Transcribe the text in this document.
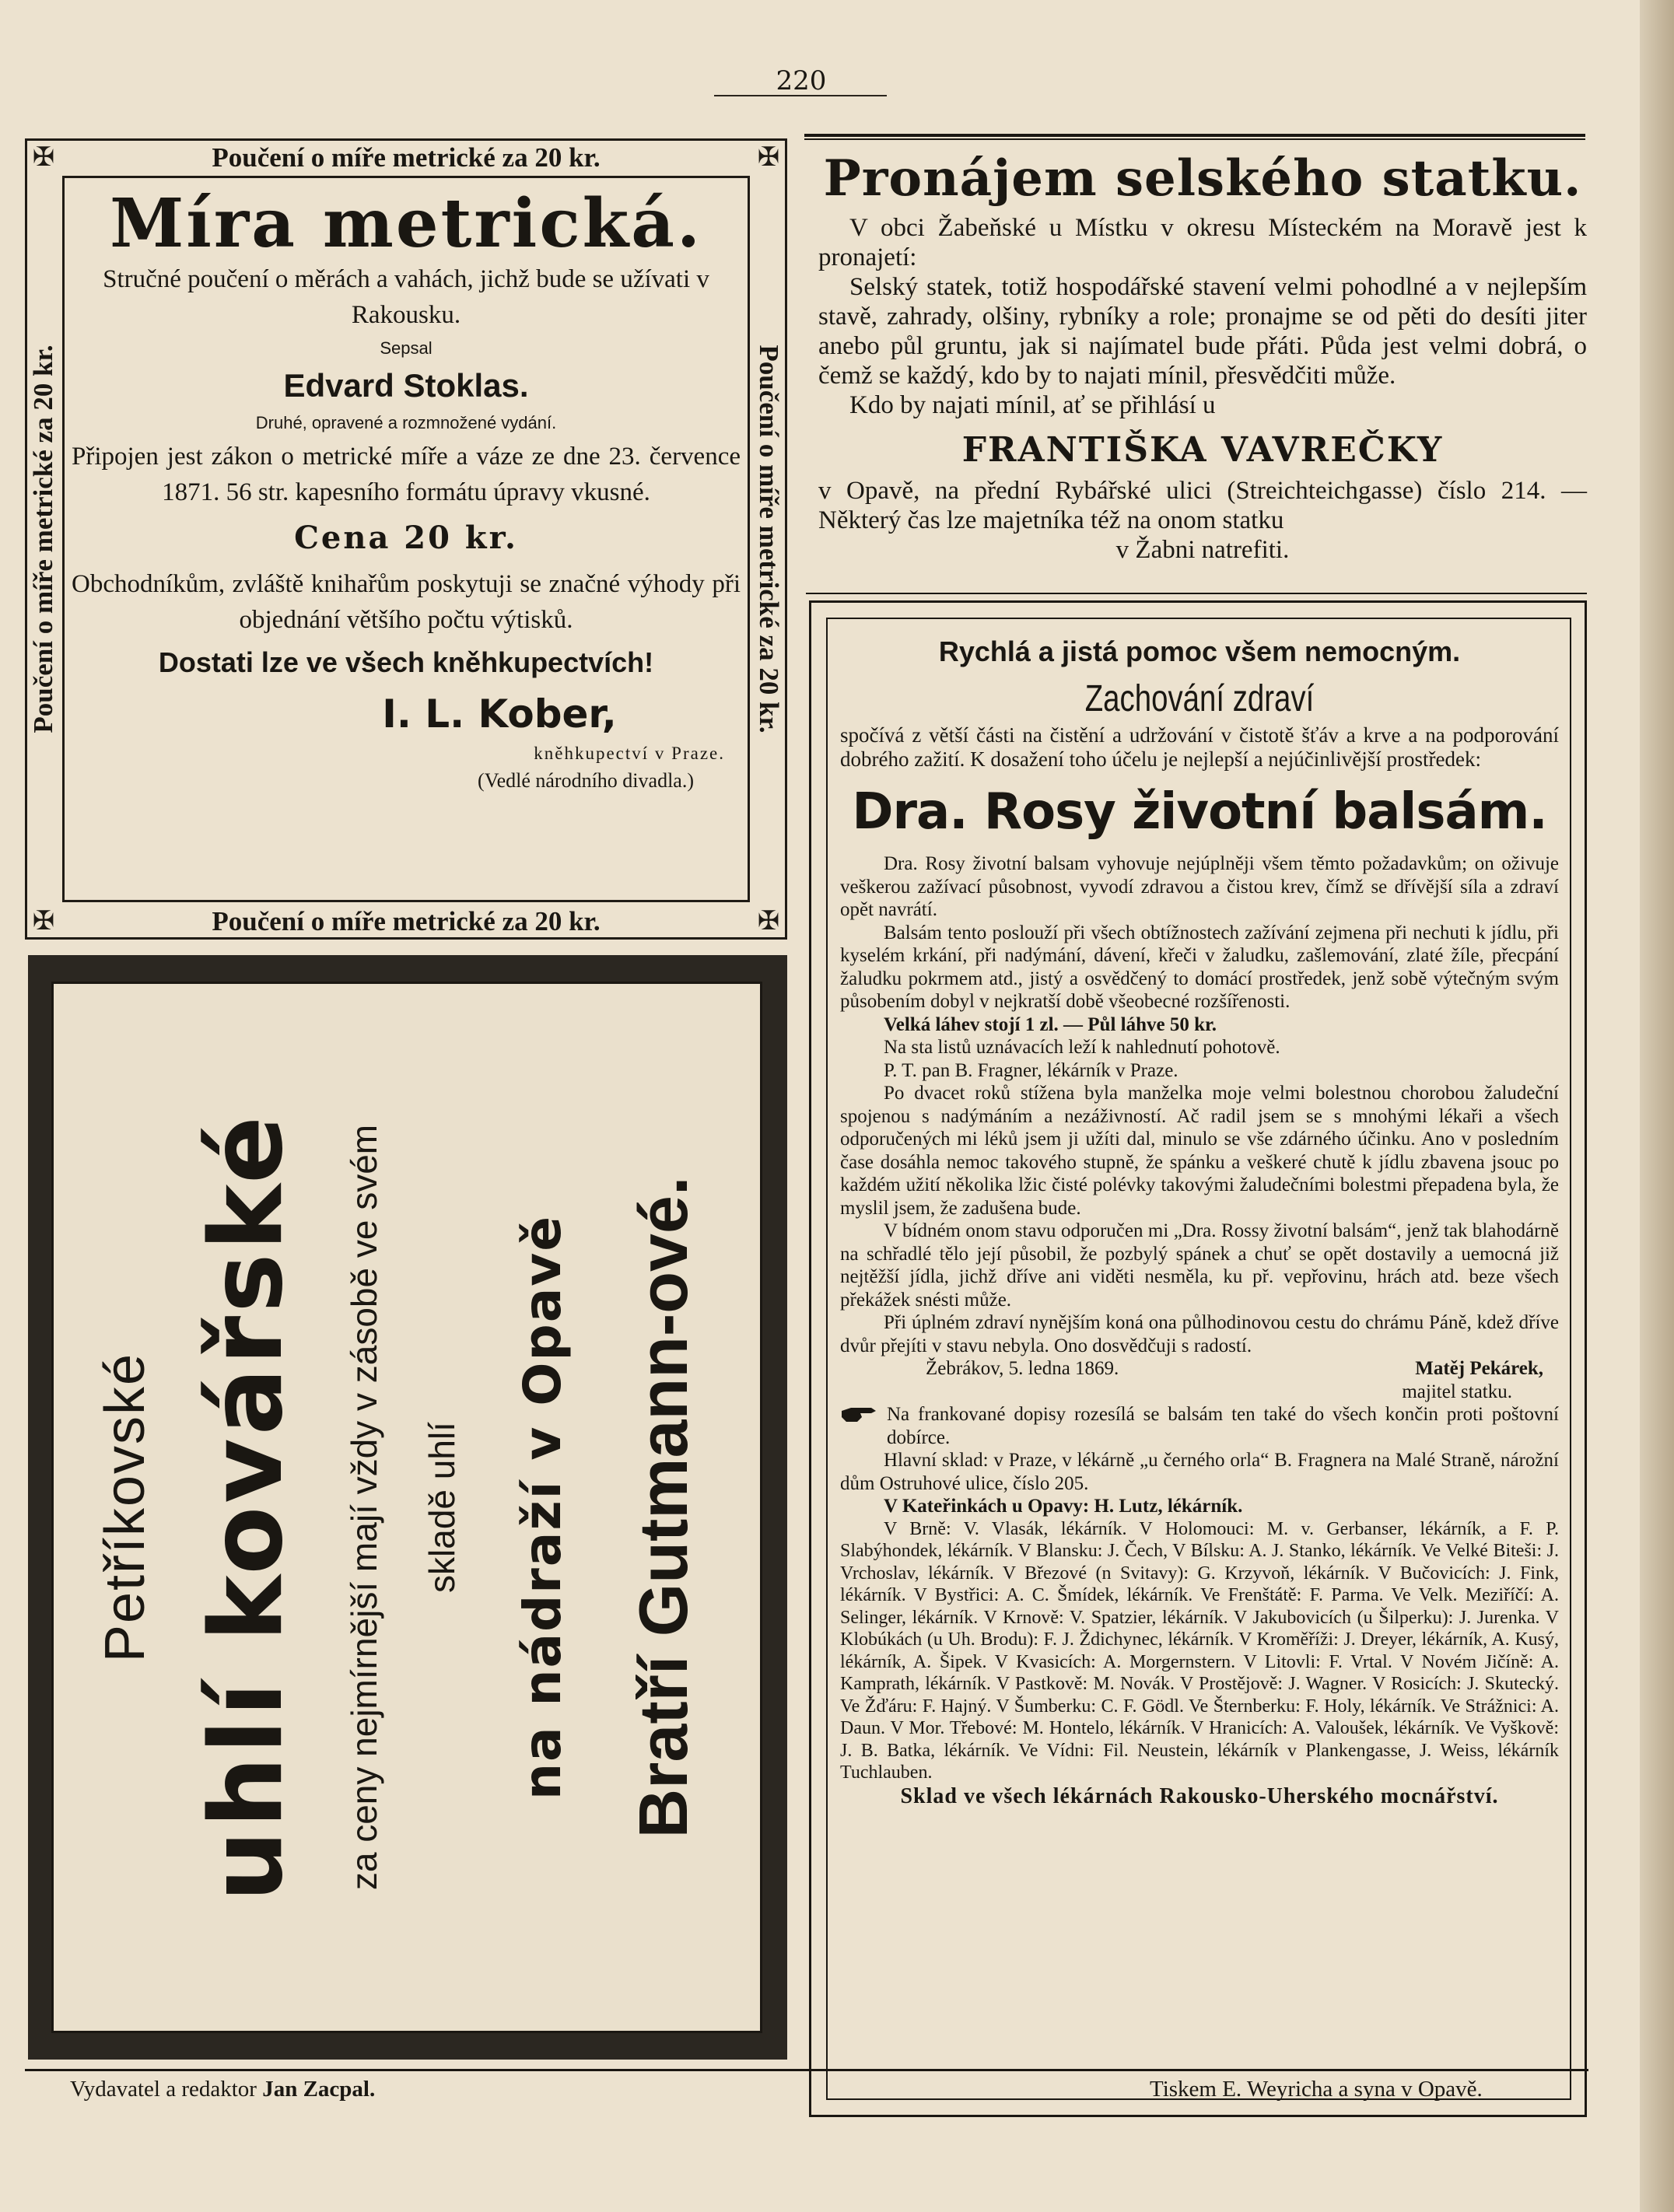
220
✠	✠
✠	✠
Poučení o míře metrické za 20 kr.
Poučení o míře metrické za 20 kr.
Poučení o míře metrické za 20 kr.	Poučení o míře metrické za 20 kr.
Míra metrická.
Stručné poučení o měrách a vahách, jichž bude se užívati v Rakousku.
Sepsal
Edvard Stoklas.
Druhé, opravené a rozmnožené vydání.
Připojen jest zákon o metrické míře a váze ze dne 23. července 1871. 56 str. kapesního formátu úpravy vkusné.
Cena 20 kr.
Obchodníkům, zvláště knihařům poskytuji se značné výhody při objednání většího počtu výtisků.
Dostati lze ve všech kněhkupectvích!
I. L. Kober,
kněhkupectví v Praze.
(Vedlé národního divadla.)
Petříkovské uhlí kovářské	za ceny nejmírnější mají vždy v zásobě ve svém	skladě uhlí na nádraží v Opavě Bratří Gutmann-ové.
Pronájem selského statku.
V obci Žabeňské u Místku v okresu Místeckém na Moravě jest k pronajetí:
Selský statek, totiž hospodářské stavení velmi pohodlné a v nejlepším stavě, zahrady, olšiny, rybníky a role; pronajme se od pěti do desíti jiter anebo půl gruntu, jak si najímatel bude přáti. Půda jest velmi dobrá, o čemž se každý, kdo by to najati mínil, přesvědčiti může.
Kdo by najati mínil, ať se přihlásí u
FRANTIŠKA VAVREČKY
v Opavě, na přední Rybářské ulici (Streichteichgasse) číslo 214. — Některý čas lze majetníka též na onom statku
v Žabni natrefiti.
Rychlá a jistá pomoc všem nemocným.
Zachování zdraví
spočívá z větší části na čistění a udržování v čistotě šťáv a krve a na podporování dobrého zažití. K dosažení toho účelu je nejlepší a nejúčinlivější prostředek:
Dra. Rosy životní balsám.
Dra. Rosy životní balsam vyhovuje nejúplněji všem těmto požadavkům; on oživuje veškerou zažívací působnost, vyvodí zdravou a čistou krev, čímž se dřívější síla a zdraví opět navrátí.
Balsám tento poslouží při všech obtížnostech zažívání zejmena při nechuti k jídlu, při kyselém krkání, při nadýmání, dávení, křeči v žaludku, zašlemování, zlaté žíle, přecpání žaludku pokrmem atd., jistý a osvědčený to domácí prostředek, jenž sobě výtečným svým působením dobyl v nejkratší době všeobecné rozšířenosti.
Velká láhev stojí 1 zl. — Půl láhve 50 kr.
Na sta listů uznávacích leží k nahlednutí pohotově.
P. T. pan B. Fragner, lékárník v Praze.
Po dvacet roků stížena byla manželka moje velmi bolestnou chorobou žaludeční spojenou s nadýmáním a nezáživností. Ač radil jsem se s mnohými lékaři a všech odporučených mi léků jsem ji užíti dal, minulo se vše zdárného účinku. Ano v posledním čase dosáhla nemoc takového stupně, že spánku a veškeré chutě k jídlu zbavena jsouc po každém užití několika lžic čisté polévky takovými žaludečními bolestmi přepadena byla, že myslil jsem, že zadušena bude.
V bídném onom stavu odporučen mi „Dra. Rossy životní balsám“, jenž tak blahodárně na schřadlé tělo její působil, že pozbylý spánek a chuť se opět dostavily a uemocná již nejtěžší jídla, jichž dříve ani viděti nesměla, ku př. vepřovinu, hrách atd. beze všech překážek snésti může.
Při úplném zdraví nynějším koná ona půlhodinovou cestu do chrámu Páně, kdež dříve dvůr přejíti v stavu nebyla. Ono dosvědčuji s radostí.
Žebrákov, 5. ledna 1869.	Matěj Pekárek,
majitel statku.
Na frankované dopisy rozesílá se balsám ten také do všech končin proti poštovní dobírce.
Hlavní sklad: v Praze, v lékárně „u černého orla“ B. Fragnera na Malé Straně, nárožní dům Ostruhové ulice, číslo 205.
V Kateřinkách u Opavy: H. Lutz, lékárník.
V Brně: V. Vlasák, lékárník. V Holomouci: M. v. Gerbanser, lékárník, a F. P. Slabýhondek, lékárník. V Blansku: J. Čech, V Bílsku: A. J. Stanko, lékárník. Ve Velké Biteši: J. Vrchoslav, lékárník. V Březové (n Svitavy): G. Krzyvoň, lékárník. V Bučovicích: J. Fink, lékárník. V Bystřici: A. C. Šmídek, lékárník. Ve Frenštátě: F. Parma. Ve Velk. Meziříčí: A. Selinger, lékárník. V Krnově: V. Spatzier, lékárník. V Jakubovicích (u Šilperku): J. Jurenka. V Klobúkách (u Uh. Brodu): F. J. Ždichynec, lékárník. V Kroměříži: J. Dreyer, lékárník, A. Kusý, lékárník, A. Šipek. V Kvasicích: A. Morgernstern. V Litovli: F. Vrtal. V Novém Jičíně: A. Kamprath, lékárník. V Pastkově: M. Novák. V Prostějově: J. Wagner. V Rosicích: J. Skutecký. Ve Žďáru: F. Hajný. V Šumberku: C. F. Gödl. Ve Šternberku: F. Holy, lékárník. Ve Strážnici: A. Daun. V Mor. Třebové: M. Hontelo, lékárník. V Hranicích: A. Valoušek, lékárník. Ve Vyškově: J. B. Batka, lékárník. Ve Vídni: Fil. Neustein, lékárník v Plankengasse, J. Weiss, lékárník Tuchlauben.
Sklad ve všech lékárnách Rakousko-Uherského mocnářství.
Vydavatel a redaktor Jan Zacpal.	Tiskem E. Weyricha a syna v Opavě.
